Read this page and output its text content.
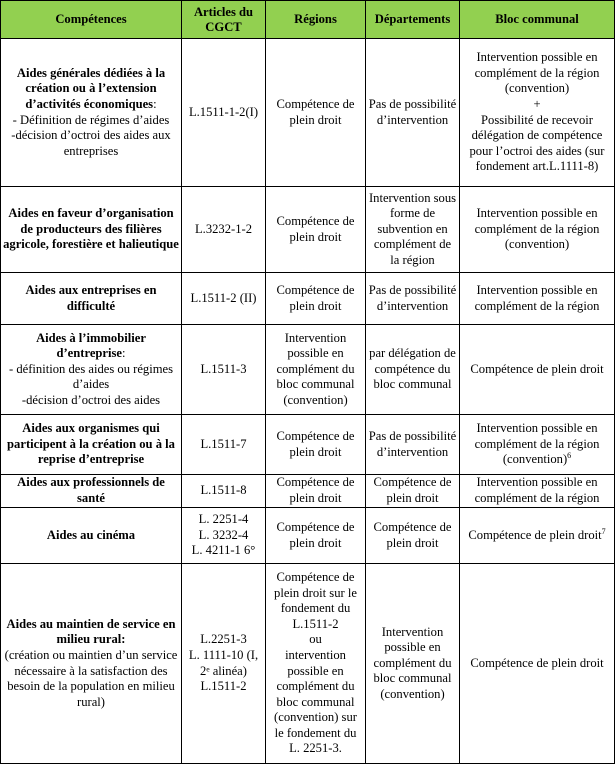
Compétences	Articles du CGCT	Régions	Départements	Bloc communal
Aides générales dédiées à la création ou à l’extension d’activités économiques:
- Définition de régimes d’aides
-décision d’octroi des aides aux entreprises	L.1511-1-2(I)	Compétence de plein droit	Pas de possibilité d’intervention	Intervention possible en complément de la région (convention)
+
Possibilité de recevoir délégation de compétence pour l’octroi des aides (sur fondement art.L.1111-8)

Aides en faveur d’organisation de producteurs des filières agricole, forestière et halieutique	L.3232-1-2	Compétence de plein droit	Intervention sous forme de subvention en complément de la région	Intervention possible en complément de la région (convention)

Aides aux entreprises en difficulté	L.1511-2 (II)	Compétence de plein droit	Pas de possibilité d’intervention	Intervention possible en complément de la région

Aides à l’immobilier d’entreprise:
- définition des aides ou régimes d’aides
-décision d’octroi des aides	L.1511-3	Intervention possible en complément du bloc communal (convention)	par délégation de compétence du bloc communal	Compétence de plein droit

Aides aux organismes qui participent à la création ou à la reprise d’entreprise	L.1511-7	Compétence de plein droit	Pas de possibilité d’intervention	Intervention possible en complément de la région (convention)$^6$

Aides aux professionnels de santé	L.1511-8	Compétence de plein droit	Compétence de plein droit	Intervention possible en complément de la région

Aides au cinéma	L. 2251-4
L. 3232-4
L. 4211-1 6°	Compétence de plein droit	Compétence de plein droit	Compétence de plein droit$^7$

Aides au maintien de service en milieu rural:
(création ou maintien d’un service nécessaire à la satisfaction des besoin de la population en milieu rural)	L.2251-3
L. 1111-10 (I, 2ᵉ alinéa)
L.1511-2	Compétence de plein droit sur le fondement du L.1511-2
ou
intervention possible en complément du bloc communal (convention) sur le fondement du L. 2251-3.	Intervention possible en complément du bloc communal (convention)	Compétence de plein droit
